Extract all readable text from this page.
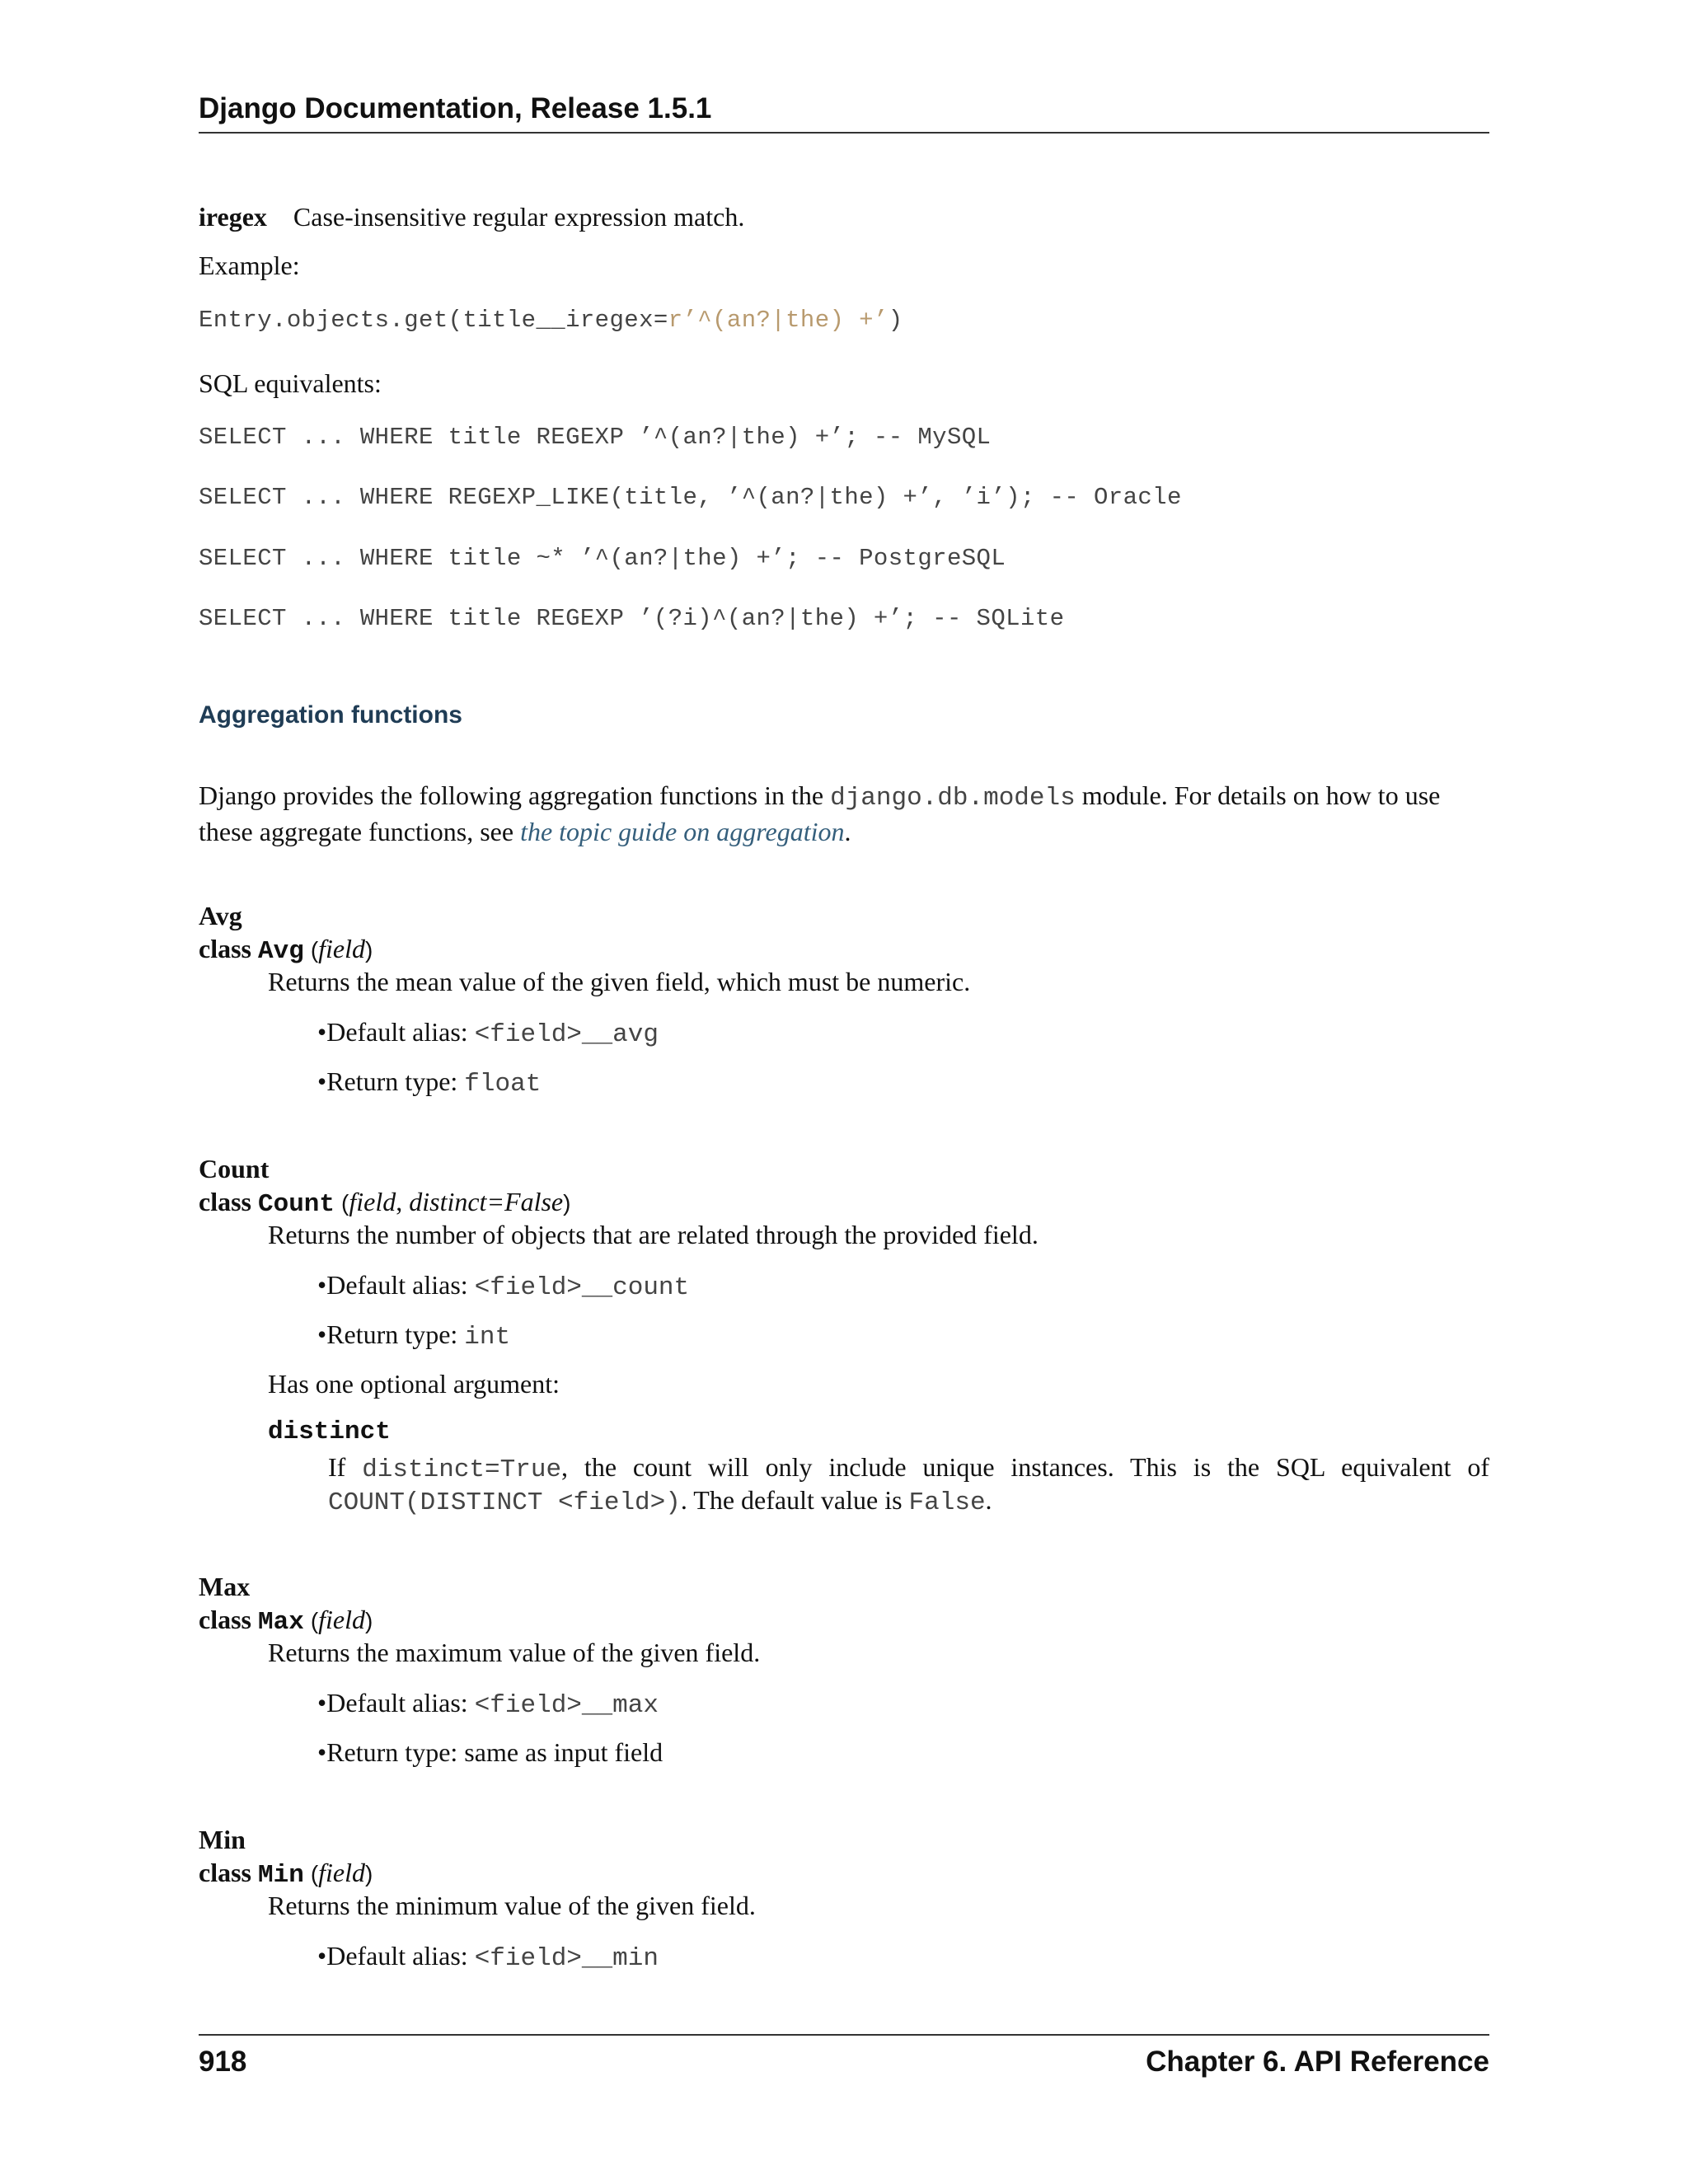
Django Documentation, Release 1.5.1
iregex Case-insensitive regular expression match.
Example:
Entry.objects.get(title__iregex=r’^(an?|the) +’)
SQL equivalents:
SELECT ... WHERE title REGEXP ’^(an?|the) +’; -- MySQL
SELECT ... WHERE REGEXP_LIKE(title, ’^(an?|the) +’, ’i’); -- Oracle
SELECT ... WHERE title ~* ’^(an?|the) +’; -- PostgreSQL
SELECT ... WHERE title REGEXP ’(?i)^(an?|the) +’; -- SQLite
Aggregation functions
Django provides the following aggregation functions in the django.db.models module. For details on how to use
these aggregate functions, see the topic guide on aggregation.
Avg
class Avg (field)
Returns the mean value of the given field, which must be numeric.
•Default alias: <field>__avg
•Return type: float
Count
class Count (field, distinct=False)
Returns the number of objects that are related through the provided field.
•Default alias: <field>__count
•Return type: int
Has one optional argument:
distinct
If distinct=True, the count will only include unique instances. This is the SQL equivalent of
COUNT(DISTINCT <field>). The default value is False.
Max
class Max (field)
Returns the maximum value of the given field.
•Default alias: <field>__max
•Return type: same as input field
Min
class Min (field)
Returns the minimum value of the given field.
•Default alias: <field>__min
918	Chapter 6. API Reference
